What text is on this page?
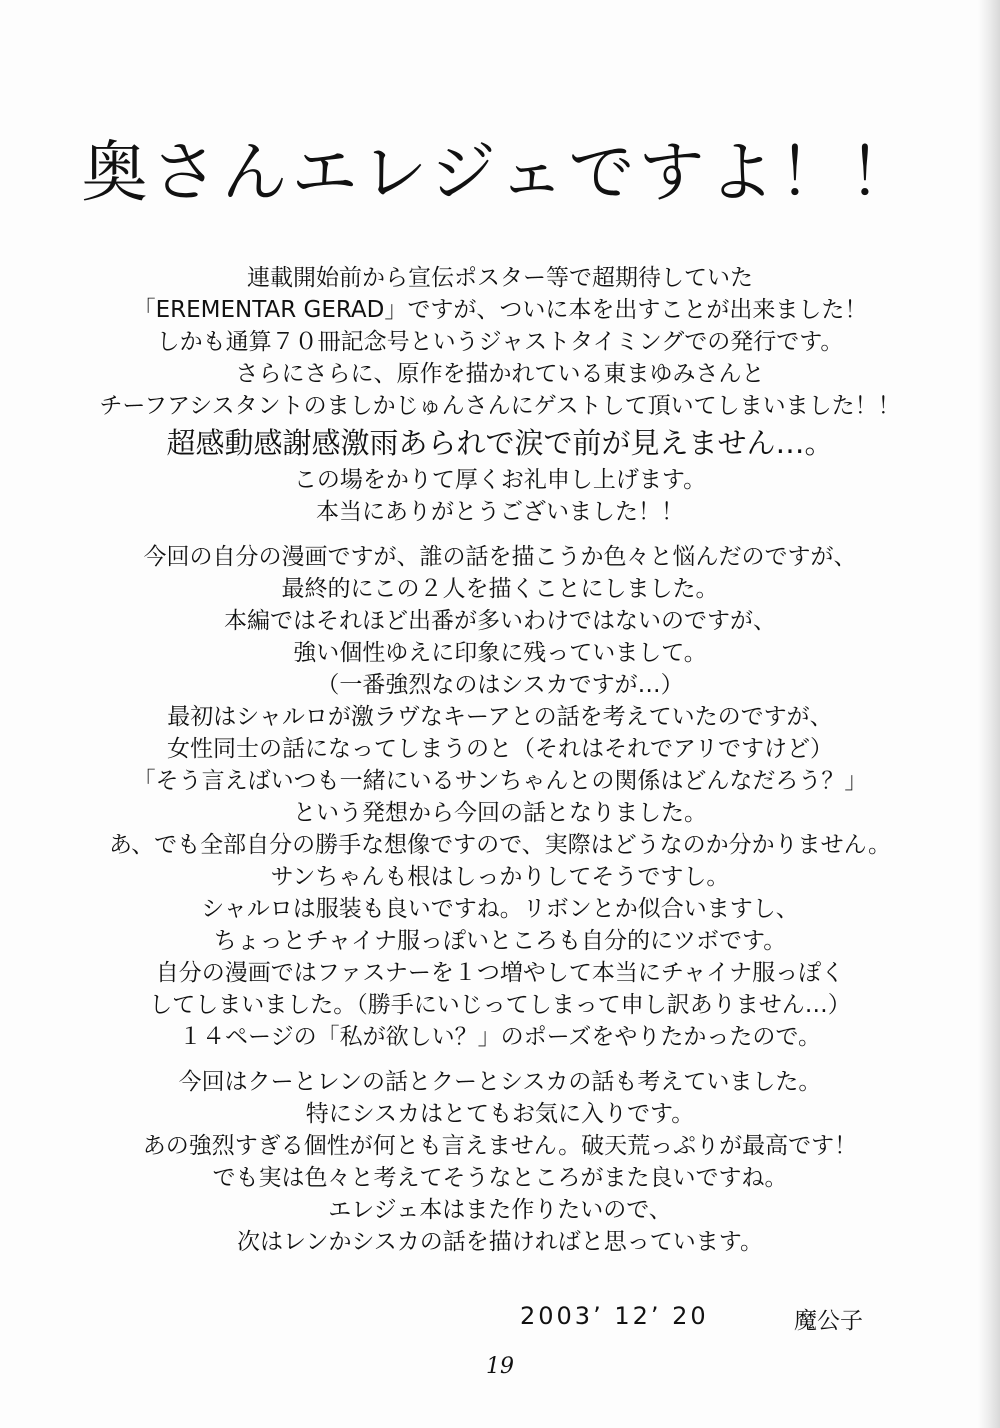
奥さんエレジェですよ！！
連載開始前から宣伝ポスター等で超期待していた
「EREMENTAR GERAD」ですが、ついに本を出すことが出来ました！
しかも通算７０冊記念号というジャストタイミングでの発行です。
さらにさらに、原作を描かれている東まゆみさんと
チーフアシスタントのましかじゅんさんにゲストして頂いてしまいました！！
超感動感謝感激雨あられで涙で前が見えません…。
この場をかりて厚くお礼申し上げます。
本当にありがとうございました！！
今回の自分の漫画ですが、誰の話を描こうか色々と悩んだのですが、
最終的にこの２人を描くことにしました。
本編ではそれほど出番が多いわけではないのですが、
強い個性ゆえに印象に残っていまして。
（一番強烈なのはシスカですが…）
最初はシャルロが激ラヴなキーアとの話を考えていたのですが、
女性同士の話になってしまうのと（それはそれでアリですけど）
「そう言えばいつも一緒にいるサンちゃんとの関係はどんなだろう？」
という発想から今回の話となりました。
あ、でも全部自分の勝手な想像ですので、実際はどうなのか分かりません。
サンちゃんも根はしっかりしてそうですし。
シャルロは服装も良いですね。リボンとか似合いますし、
ちょっとチャイナ服っぽいところも自分的にツボです。
自分の漫画ではファスナーを１つ増やして本当にチャイナ服っぽく
してしまいました。（勝手にいじってしまって申し訳ありません…）
１４ページの「私が欲しい？」のポーズをやりたかったので。
今回はクーとレンの話とクーとシスカの話も考えていました。
特にシスカはとてもお気に入りです。
あの強烈すぎる個性が何とも言えません。破天荒っぷりが最高です！
でも実は色々と考えてそうなところがまた良いですね。
エレジェ本はまた作りたいので、
次はレンかシスカの話を描ければと思っています。
2003’ 12’ 20	魔公子
19
